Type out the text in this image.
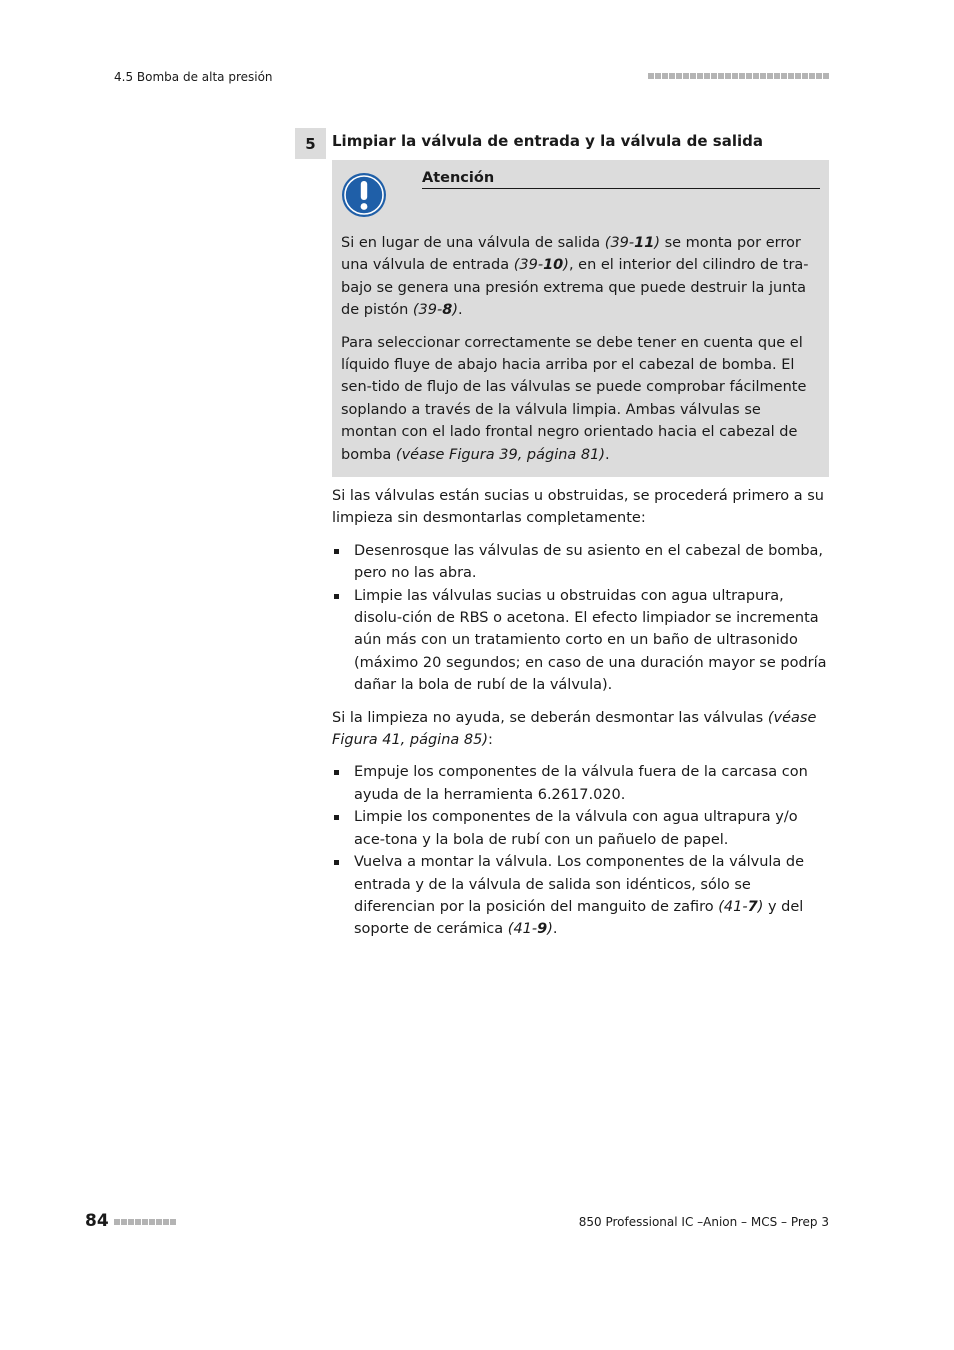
4.5 Bomba de alta presión
5	Limpiar la válvula de entrada y la válvula de salida
Atención

Si en lugar de una válvula de salida (39-11) se monta por error una válvula de entrada (39-10), en el interior del cilindro de tra-bajo se genera una presión extrema que puede destruir la junta de pistón (39-8).

Para seleccionar correctamente se debe tener en cuenta que el líquido fluye de abajo hacia arriba por el cabezal de bomba. El sen-tido de flujo de las válvulas se puede comprobar fácilmente soplando a través de la válvula limpia. Ambas válvulas se montan con el lado frontal negro orientado hacia el cabezal de bomba (véase Figura 39, página 81).

Si las válvulas están sucias u obstruidas, se procederá primero a su limpieza sin desmontarlas completamente:

Desenrosque las válvulas de su asiento en el cabezal de bomba, pero no las abra.
Limpie las válvulas sucias u obstruidas con agua ultrapura, disolu-ción de RBS o acetona. El efecto limpiador se incrementa aún más con un tratamiento corto en un baño de ultrasonido (máximo 20 segundos; en caso de una duración mayor se podría dañar la bola de rubí de la válvula).

Si la limpieza no ayuda, se deberán desmontar las válvulas (véase Figura 41, página 85):

Empuje los componentes de la válvula fuera de la carcasa con ayuda de la herramienta 6.2617.020.
Limpie los componentes de la válvula con agua ultrapura y/o ace-tona y la bola de rubí con un pañuelo de papel.
Vuelva a montar la válvula. Los componentes de la válvula de entrada y de la válvula de salida son idénticos, sólo se diferencian por la posición del manguito de zafiro (41-7) y del soporte de cerámica (41-9).
84	850 Professional IC –Anion – MCS – Prep 3
